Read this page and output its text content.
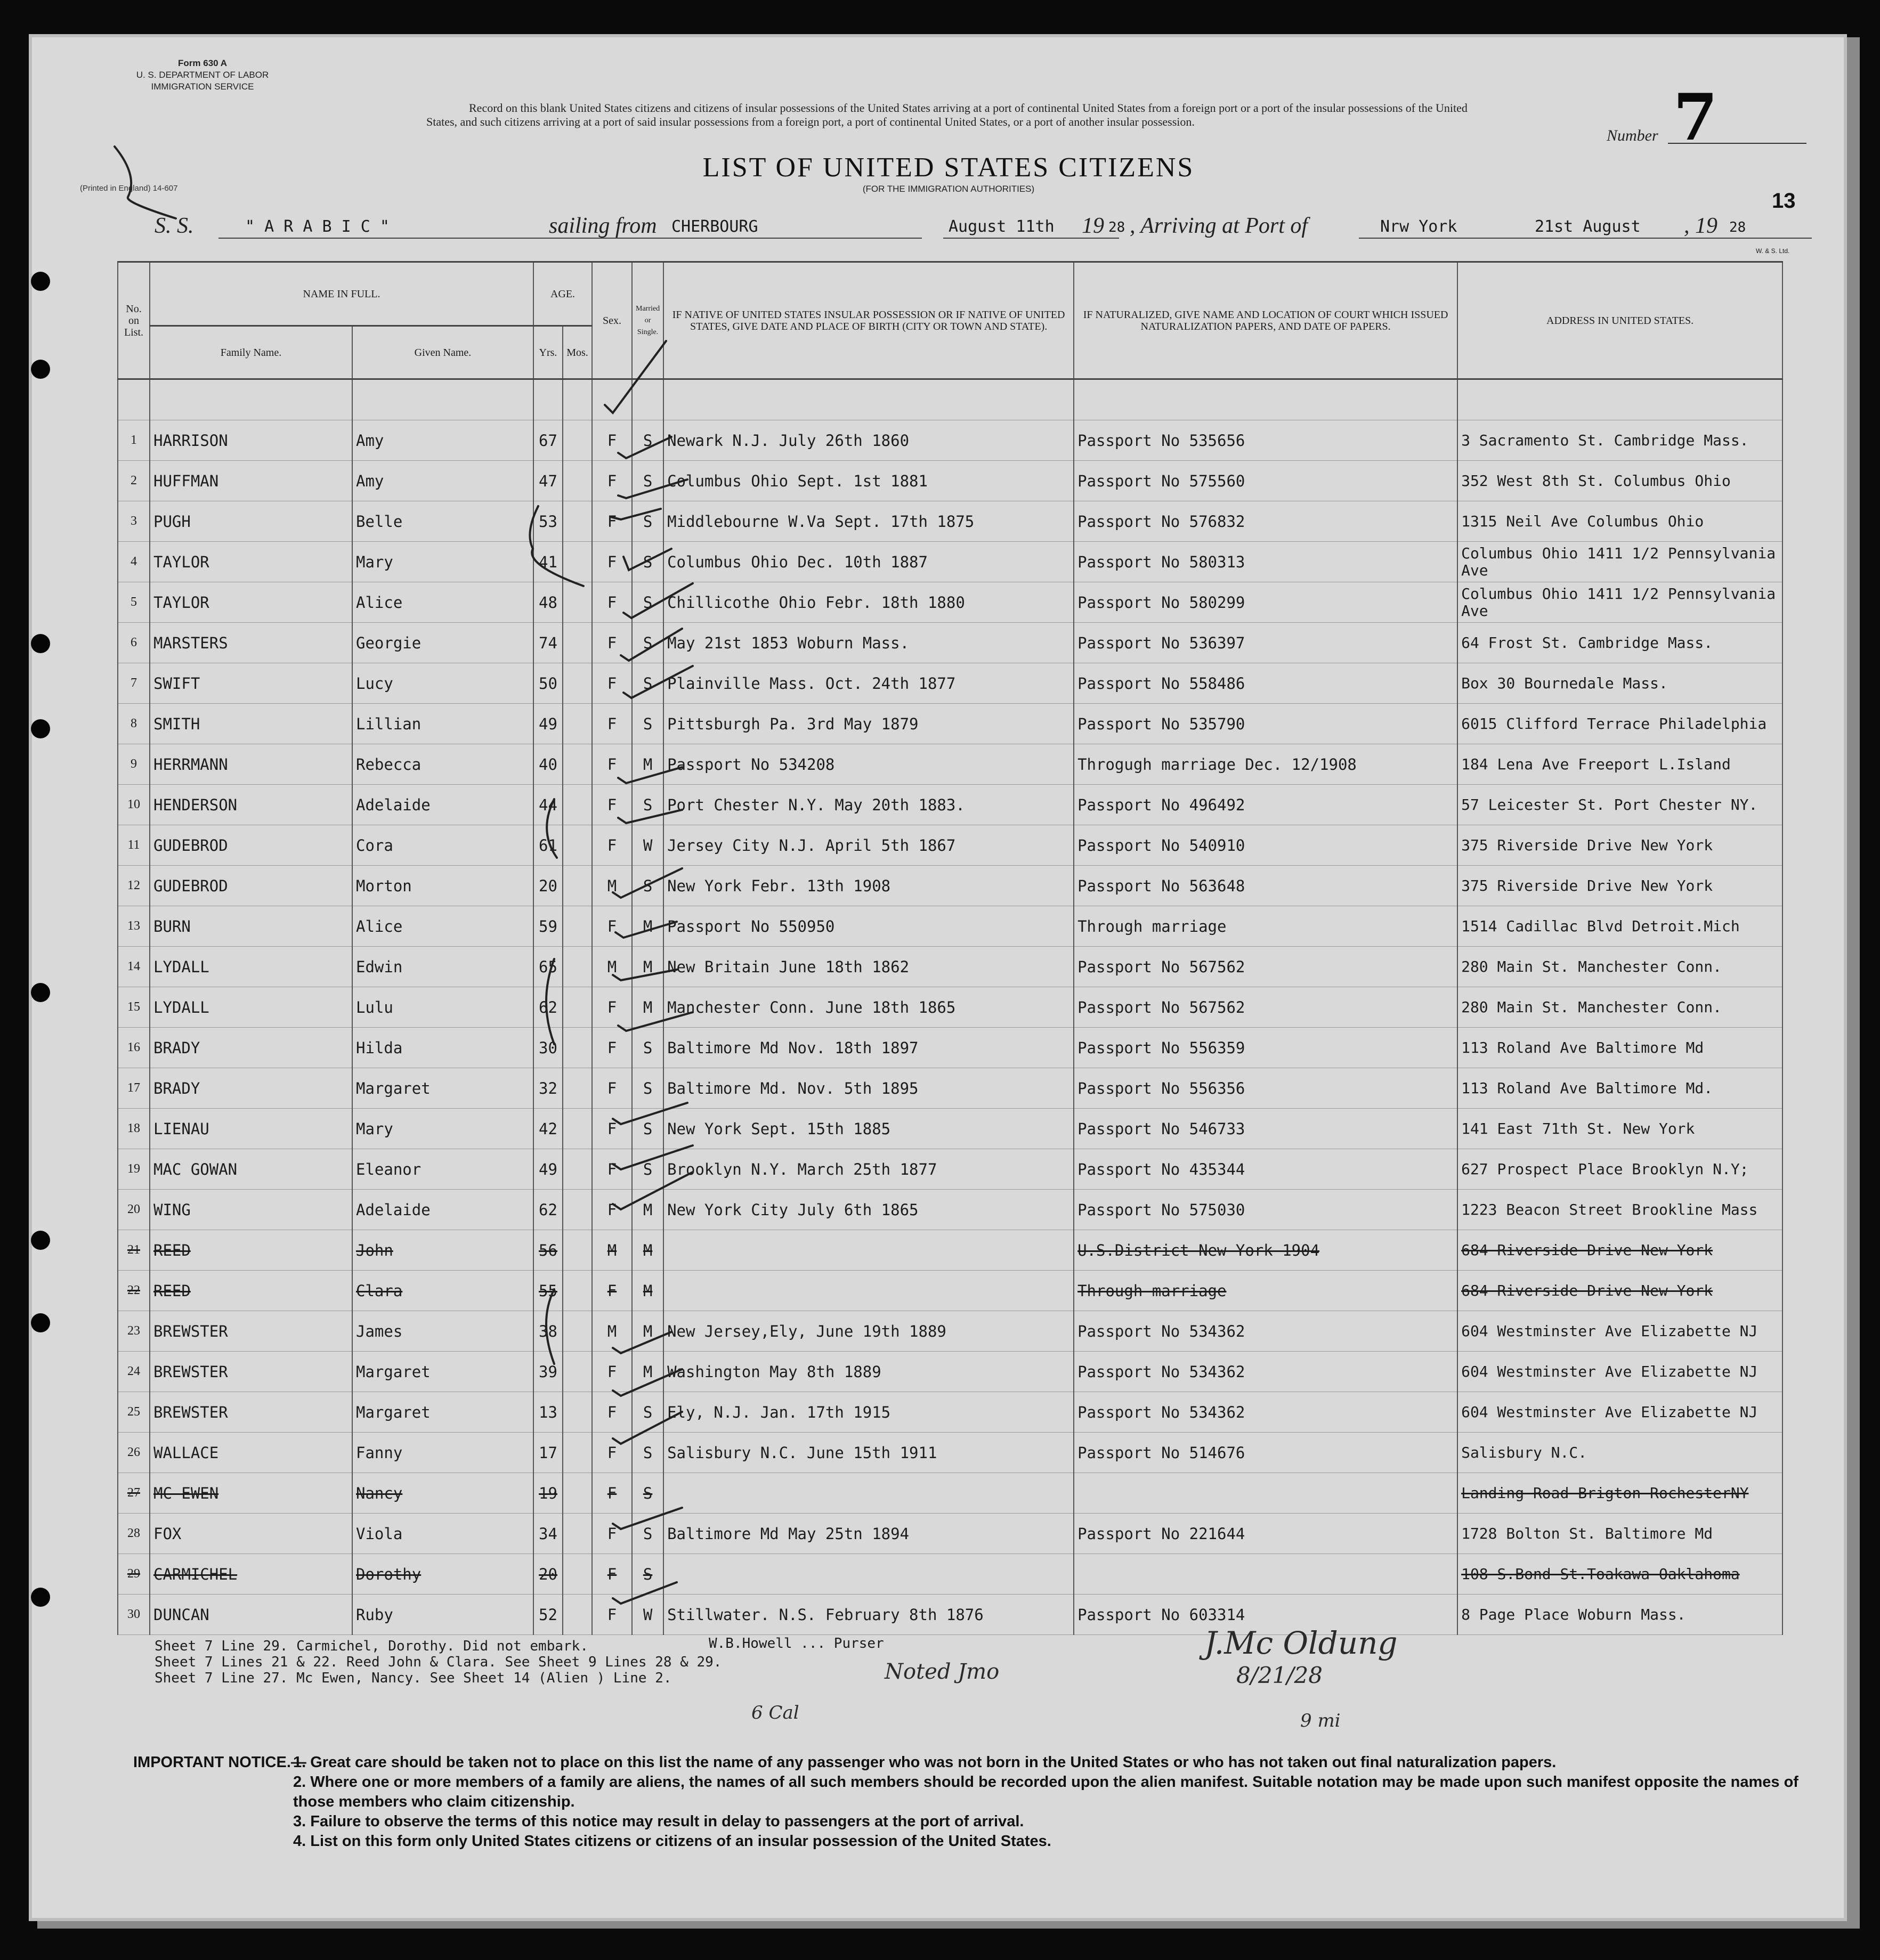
Form 630 A
U. S. DEPARTMENT OF LABOR
IMMIGRATION SERVICE
(Printed in England) 14-607
Record on this blank United States citizens and citizens of insular possessions of the United States arriving at a port of continental United States from a foreign port or a port of the insular possessions of the United States, and such citizens arriving at a port of said insular possessions from a foreign port, a port of continental United States, or a port of another insular possession.
LIST OF UNITED STATES CITIZENS
(FOR THE IMMIGRATION AUTHORITIES)
Number 7
13
S. S.	" A R A B I C "	sailing from CHERBOURG	August 11th 19 28 , Arriving at Port of	Nrw York	21st August , 19 28
W. & S. Ltd.
No. on List.	NAME IN FULL.		AGE.		Sex.	Married or Single.	IF NATIVE OF UNITED STATES INSULAR POSSESSION OR IF NATIVE OF UNITED STATES, GIVE DATE AND PLACE OF BIRTH (CITY OR TOWN AND STATE).	IF NATURALIZED, GIVE NAME AND LOCATION OF COURT WHICH ISSUED NATURALIZATION PAPERS, AND DATE OF PAPERS.	ADDRESS IN UNITED STATES.
	Family Name.	Given Name.	Yrs.	Mos.					

1	HARRISON	Amy	67		F	S	Newark N.J. July 26th 1860	Passport No 535656	3 Sacramento St. Cambridge Mass.
2	HUFFMAN	Amy	47		F	S	Columbus Ohio Sept. 1st 1881	Passport No 575560	352 West 8th St. Columbus Ohio
3	PUGH	Belle	53		F	S	Middlebourne W.Va Sept. 17th 1875	Passport No 576832	1315 Neil Ave Columbus Ohio
4	TAYLOR	Mary	41		F	S	Columbus Ohio Dec. 10th 1887	Passport No 580313	Columbus Ohio 1411 1/2 Pennsylvania Ave
5	TAYLOR	Alice	48		F	S	Chillicothe Ohio Febr. 18th 1880	Passport No 580299	Columbus Ohio 1411 1/2 Pennsylvania Ave
6	MARSTERS	Georgie	74		F	S	May 21st 1853 Woburn Mass.	Passport No 536397	64 Frost St. Cambridge Mass.
7	SWIFT	Lucy	50		F	S	Plainville Mass. Oct. 24th 1877	Passport No 558486	Box 30 Bournedale Mass.
8	SMITH	Lillian	49		F	S	Pittsburgh Pa. 3rd May 1879	Passport No 535790	6015 Clifford Terrace Philadelphia
9	HERRMANN	Rebecca	40		F	M	Passport No 534208	Throgugh marriage Dec. 12/1908	184 Lena Ave Freeport L.Island
10	HENDERSON	Adelaide	44		F	S	Port Chester N.Y. May 20th 1883.	Passport No 496492	57 Leicester St. Port Chester NY.
11	GUDEBROD	Cora	61		F	W	Jersey City N.J. April 5th 1867	Passport No 540910	375 Riverside Drive New York
12	GUDEBROD	Morton	20		M	S	New York Febr. 13th 1908	Passport No 563648	375 Riverside Drive New York
13	BURN	Alice	59		F	M	Passport No 550950	Through marriage	1514 Cadillac Blvd Detroit.Mich
14	LYDALL	Edwin	65		M	M	New Britain June 18th 1862	Passport No 567562	280 Main St. Manchester Conn.
15	LYDALL	Lulu	62		F	M	Manchester Conn. June 18th 1865	Passport No 567562	280 Main St. Manchester Conn.
16	BRADY	Hilda	30		F	S	Baltimore Md Nov. 18th 1897	Passport No 556359	113 Roland Ave Baltimore Md
17	BRADY	Margaret	32		F	S	Baltimore Md. Nov. 5th 1895	Passport No 556356	113 Roland Ave Baltimore Md.
18	LIENAU	Mary	42		F	S	New York Sept. 15th 1885	Passport No 546733	141 East 71th St. New York
19	MAC GOWAN	Eleanor	49		F	S	Brooklyn N.Y. March 25th 1877	Passport No 435344	627 Prospect Place Brooklyn N.Y;
20	WING	Adelaide	62		F	M	New York City July 6th 1865	Passport No 575030	1223 Beacon Street Brookline Mass
21	REED	John	56		M	M		U.S.District New York 1904	684 Riverside Drive New York
22	REED	Clara	55		F	M		Through marriage	684 Riverside Drive New York
23	BREWSTER	James	38		M	M	New Jersey,Ely, June 19th 1889	Passport No 534362	604 Westminster Ave Elizabette NJ
24	BREWSTER	Margaret	39		F	M	Washington May 8th 1889	Passport No 534362	604 Westminster Ave Elizabette NJ
25	BREWSTER	Margaret	13		F	S	Ely, N.J. Jan. 17th 1915	Passport No 534362	604 Westminster Ave Elizabette NJ
26	WALLACE	Fanny	17		F	S	Salisbury N.C. June 15th 1911	Passport No 514676	Salisbury N.C.
27	MC EWEN	Nancy	19		F	S			Landing Road Brigton RochesterNY
28	FOX	Viola	34		F	S	Baltimore Md May 25tn 1894	Passport No 221644	1728 Bolton St. Baltimore Md
29	CARMICHEL	Dorothy	20		F	S			108 S.Bond St.Toakawa Oaklahoma
30	DUNCAN	Ruby	52		F	W	Stillwater. N.S. February 8th 1876	Passport No 603314	8 Page Place Woburn Mass.
Sheet 7 Line 29. Carmichel, Dorothy. Did not embark.
Sheet 7 Lines 21 & 22. Reed John & Clara. See Sheet 9 Lines 28 & 29.
Sheet 7 Line 27. Mc Ewen, Nancy. See Sheet 14 (Alien ) Line 2.
W.B.Howell ... Purser	J.Mc Oldung
8/21/28
Noted Jmo
9 mi
6 Cal
IMPORTANT NOTICE.—
1. Great care should be taken not to place on this list the name of any passenger who was not born in the United States or who has not taken out final naturalization papers.
2. Where one or more members of a family are aliens, the names of all such members should be recorded upon the alien manifest. Suitable notation may be made upon such manifest opposite the names of those members who claim citizenship.
3. Failure to observe the terms of this notice may result in delay to passengers at the port of arrival.
4. List on this form only United States citizens or citizens of an insular possession of the United States.
